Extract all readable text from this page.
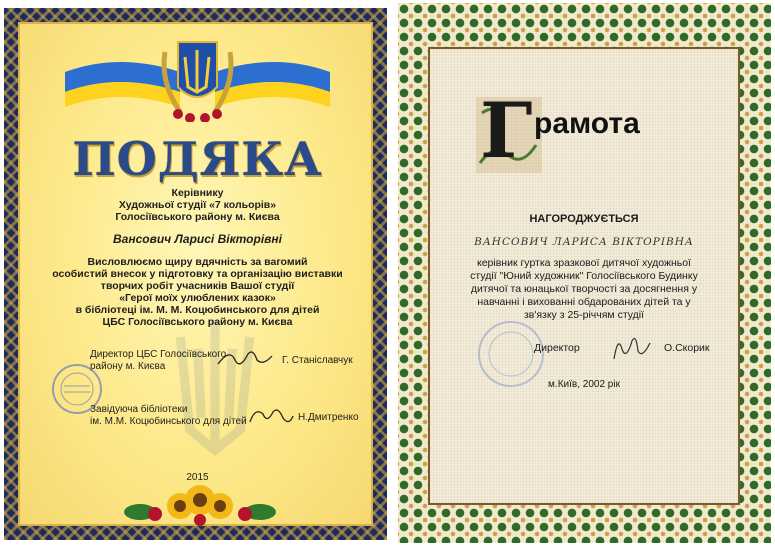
ПОДЯКА
Керівнику
Художньої студії «7 кольорів»
Голосіївського району м. Києва
Вансович Ларисі Вікторівні
Висловлюємо щиру вдячність за вагомий
особистий внесок у підготовку та організацію виставки
творчих робіт учасників Вашої студії
«Герої моїх улюблених казок»
в бібліотеці ім. М. М. Коцюбинського для дітей
ЦБС Голосіївського району м. Києва
Директор ЦБС Голосіївського
району м. Києва
Г. Станіславчук
Завідуюча бібліотеки
ім. М.М. Коцюбинського для дітей	Н.Дмитренко
2015
Г рамота
НАГОРОДЖУЄТЬСЯ
ВАНСОВИЧ ЛАРИСА ВІКТОРІВНА
керівник гуртка зразкової дитячої художньої
студії "Юний художник" Голосіївського Будинку
дитячої та юнацької творчості за досягнення у
навчанні і вихованні обдарованих дітей та у
зв'язку з 25-річчям студії
Директор	О.Скорик
м.Київ, 2002 рік
